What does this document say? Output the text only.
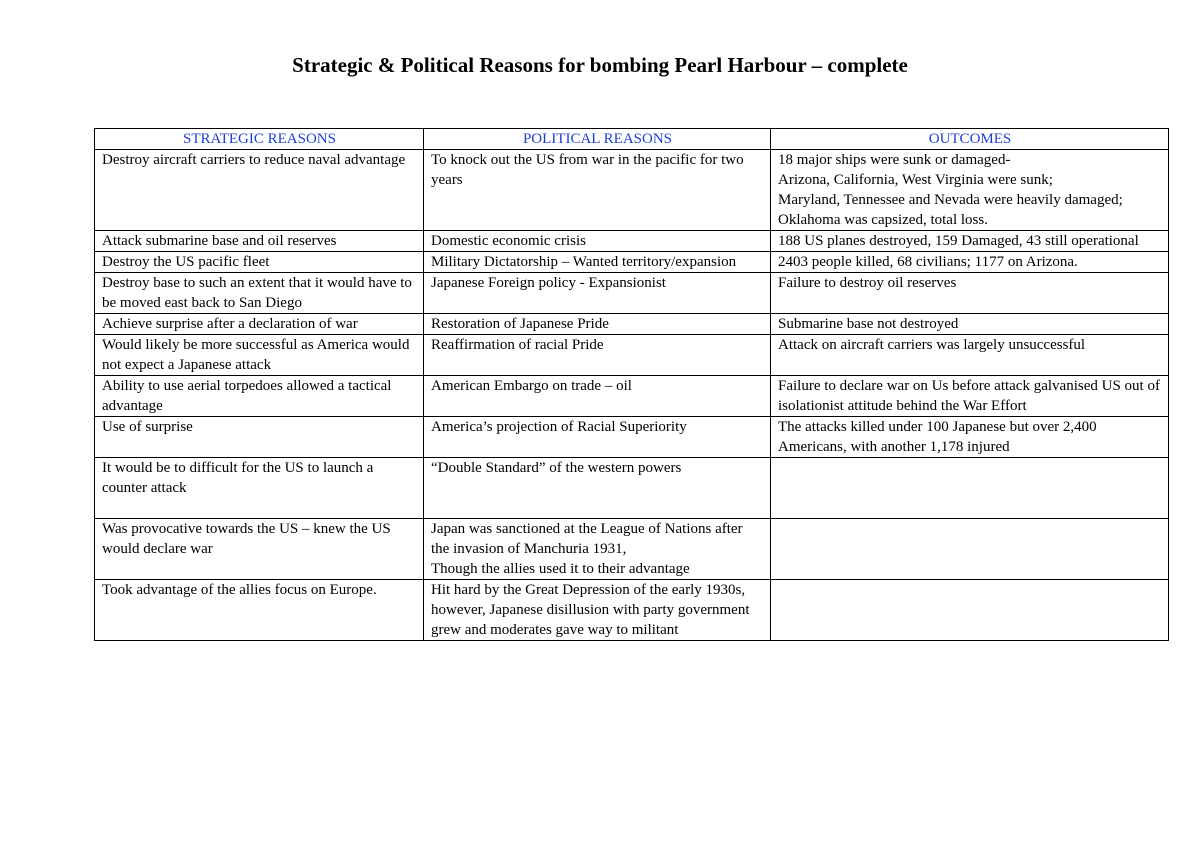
Strategic & Political Reasons for bombing Pearl Harbour – complete
STRATEGIC REASONS	POLITICAL REASONS	OUTCOMES
Destroy aircraft carriers to reduce naval advantage	To knock out the US from war in the pacific for two years	18 major ships were sunk or damaged-
Arizona, California, West Virginia were sunk;
Maryland, Tennessee and Nevada were heavily damaged;
Oklahoma was capsized, total loss.
Attack submarine base and oil reserves	Domestic economic crisis	188 US planes destroyed, 159 Damaged, 43 still operational
Destroy the US pacific fleet	Military Dictatorship – Wanted territory/expansion	2403 people killed, 68 civilians; 1177 on Arizona.
Destroy base to such an extent that it would have to be moved east back to San Diego	Japanese Foreign policy - Expansionist	Failure to destroy oil reserves
Achieve surprise after a declaration of war	Restoration of Japanese Pride	Submarine base not destroyed
Would likely be more successful as America would not expect a Japanese attack	Reaffirmation of racial Pride	Attack on aircraft carriers was largely unsuccessful
Ability to use aerial torpedoes allowed a tactical advantage	American Embargo on trade – oil	Failure to declare war on Us before attack galvanised US out of isolationist attitude behind the War Effort
Use of surprise	America’s projection of Racial Superiority	The attacks killed under 100 Japanese but over 2,400 Americans, with another 1,178 injured
It would be to difficult for the US to launch a counter attack	“Double Standard” of the western powers	
Was provocative towards the US – knew the US would declare war	Japan was sanctioned at the League of Nations after the invasion of Manchuria 1931,
Though the allies used it to their advantage	
Took advantage of the allies focus on Europe.	Hit hard by the Great Depression of the early 1930s, however, Japanese disillusion with party government grew and moderates gave way to militant	
